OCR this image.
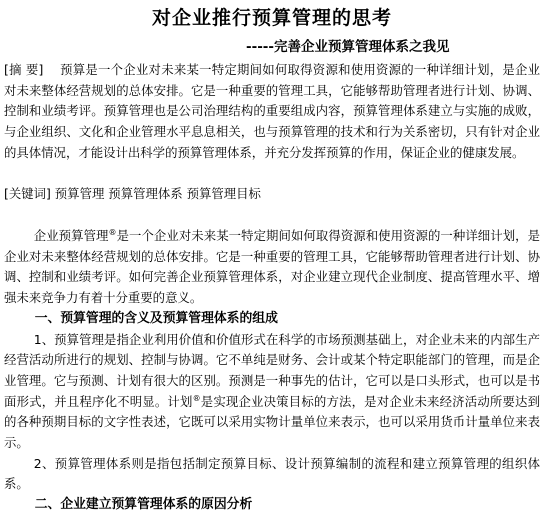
对企业推行预算管理的思考
-----完善企业预算管理体系之我见

[摘 要] 预算是一个企业对未来某一特定期间如何取得资源和使用资源的一种详细计划，是企业对未来整体经营规划的总体安排。它是一种重要的管理工具，它能够帮助管理者进行计划、协调、控制和业绩考评。预算管理也是公司治理结构的重要组成内容，预算管理体系建立与实施的成败，与企业组织、文化和企业管理水平息息相关，也与预算管理的技术和行为关系密切，只有针对企业的具体情况，才能设计出科学的预算管理体系，并充分发挥预算的作用，保证企业的健康发展。

[关键词] 预算管理 预算管理体系 预算管理目标

企业预算管理®是一个企业对未来某一特定期间如何取得资源和使用资源的一种详细计划，是企业对未来整体经营规划的总体安排。它是一种重要的管理工具，它能够帮助管理者进行计划、协调、控制和业绩考评。如何完善企业预算管理体系，对企业建立现代企业制度、提高管理水平、增强未来竞争力有着十分重要的意义。

一、预算管理的含义及预算管理体系的组成

1、预算管理是指企业利用价值和价值形式在科学的市场预测基础上，对企业未来的内部生产经营活动所进行的规划、控制与协调。它不单纯是财务、会计或某个特定职能部门的管理，而是企业管理。它与预测、计划有很大的区别。预测是一种事先的估计，它可以是口头形式，也可以是书面形式，并且程序化不明显。计划®是实现企业决策目标的方法，是对企业未来经济活动所要达到的各种预期目标的文字性表述，它既可以采用实物计量单位来表示，也可以采用货币计量单位来表示。

2、预算管理体系则是指包括制定预算目标、设计预算编制的流程和建立预算管理的组织体系。

二、企业建立预算管理体系的原因分析
